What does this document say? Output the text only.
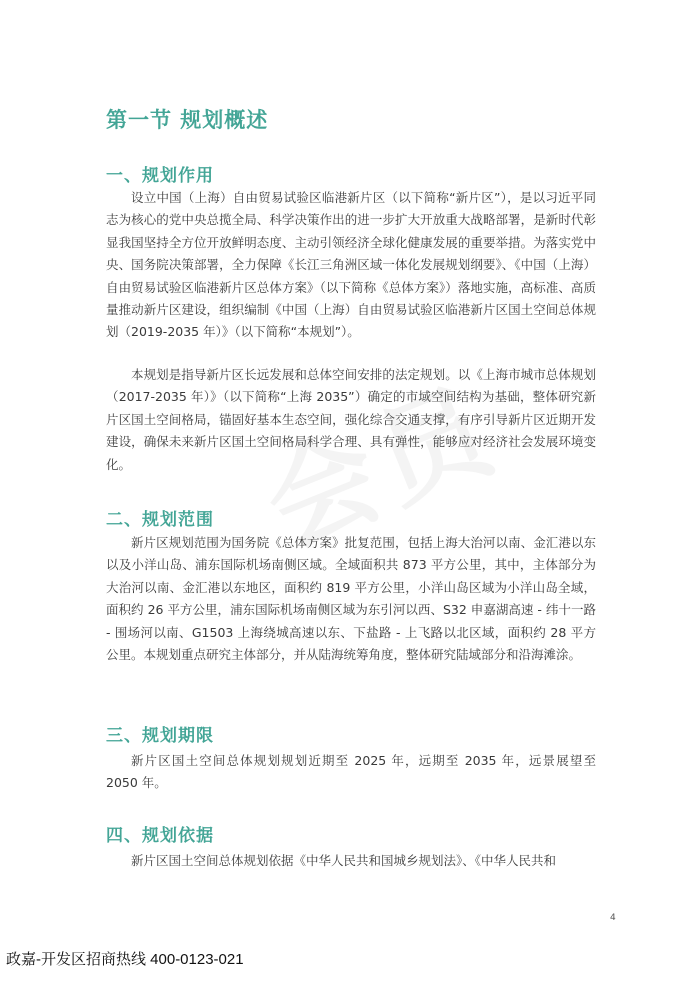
第一节 规划概述
一、规划作用

设立中国（上海）自由贸易试验区临港新片区（以下简称“新片区”），是以习近平同志为核心的党中央总揽全局、科学决策作出的进一步扩大开放重大战略部署，是新时代彰显我国坚持全方位开放鲜明态度、主动引领经济全球化健康发展的重要举措。为落实党中央、国务院决策部署，全力保障《长江三角洲区域一体化发展规划纲要》、《中国（上海）自由贸易试验区临港新片区总体方案》（以下简称《总体方案》）落地实施，高标准、高质量推动新片区建设，组织编制《中国（上海）自由贸易试验区临港新片区国土空间总体规划（2019-2035 年）》（以下简称“本规划”）。

本规划是指导新片区长远发展和总体空间安排的法定规划。以《上海市城市总体规划（2017-2035 年）》（以下简称“上海 2035”）确定的市域空间结构为基础，整体研究新片区国土空间格局，锚固好基本生态空间，强化综合交通支撑，有序引导新片区近期开发建设，确保未来新片区国土空间格局科学合理、具有弹性，能够应对经济社会发展环境变化。

二、规划范围

新片区规划范围为国务院《总体方案》批复范围，包括上海大治河以南、金汇港以东以及小洋山岛、浦东国际机场南侧区域。全域面积共 873 平方公里，其中，主体部分为大治河以南、金汇港以东地区，面积约 819 平方公里，小洋山岛区域为小洋山岛全域，面积约 26 平方公里，浦东国际机场南侧区域为东引河以西、S32 申嘉湖高速 - 纬十一路 - 围场河以南、G1503 上海绕城高速以东、下盐路 - 上飞路以北区域，面积约 28 平方公里。本规划重点研究主体部分，并从陆海统筹角度，整体研究陆域部分和沿海滩涂。

三、规划期限

新片区国土空间总体规划规划近期至 2025 年，远期至 2035 年，远景展望至 2050 年。

四、规划依据

新片区国土空间总体规划依据《中华人民共和国城乡规划法》、《中华人民共和

4
政嘉-开发区招商热线 400-0123-021
